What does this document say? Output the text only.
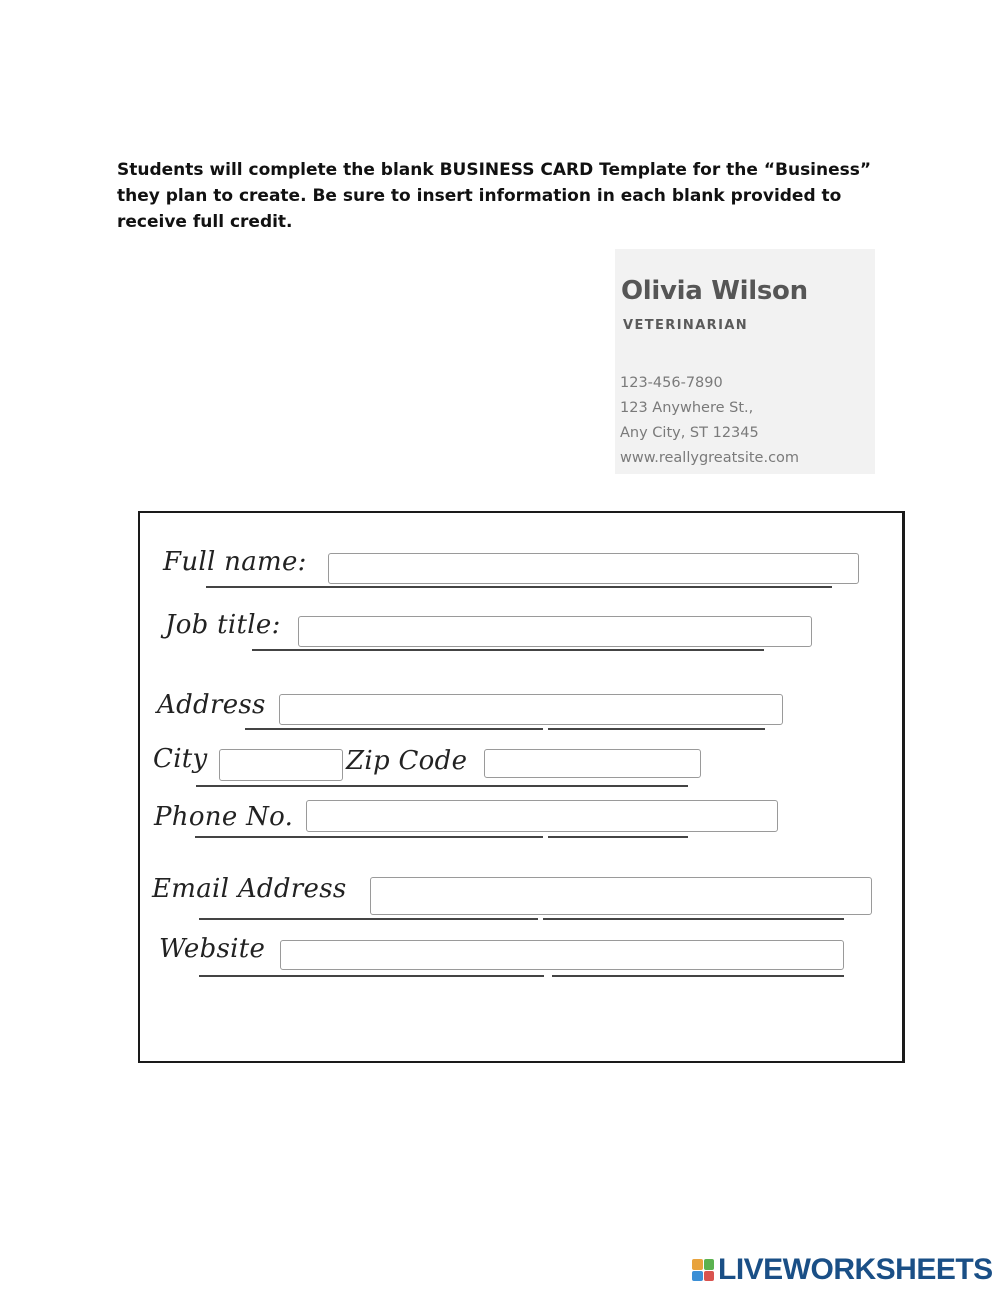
Students will complete the blank BUSINESS CARD Template for the “Business”
they plan to create. Be sure to insert information in each blank provided to
receive full credit.
Olivia Wilson
VETERINARIAN
123-456-7890
123 Anywhere St.,
Any City, ST 12345
www.reallygreatsite.com
Full name:
Job title:
Address
City	Zip Code
Phone No.
Email Address
Website
LIVEWORKSHEETS
